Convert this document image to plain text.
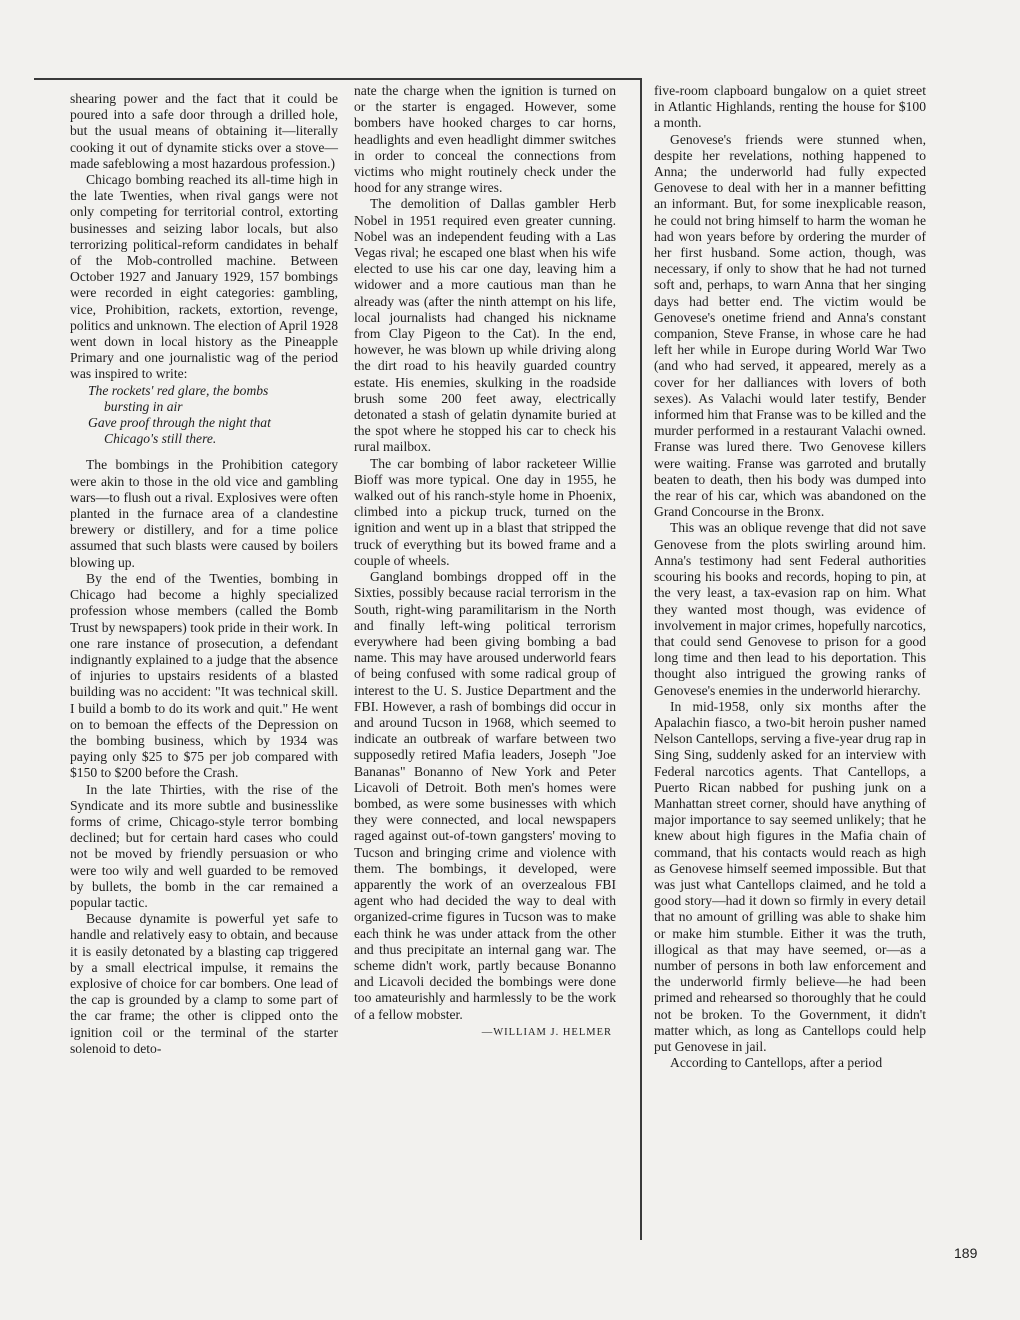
shearing power and the fact that it could be poured into a safe door through a drilled hole, but the usual means of obtaining it—literally cooking it out of dynamite sticks over a stove—made safeblowing a most hazardous profession.)

Chicago bombing reached its all-time high in the late Twenties, when rival gangs were not only competing for territorial control, extorting businesses and seizing labor locals, but also terrorizing political-reform candidates in behalf of the Mob-controlled machine. Between October 1927 and January 1929, 157 bombings were recorded in eight categories: gambling, vice, Prohibition, rackets, extortion, revenge, politics and unknown. The election of April 1928 went down in local history as the Pineapple Primary and one journalistic wag of the period was inspired to write:

The rockets' red glare, the bombs
bursting in air
Gave proof through the night that
Chicago's still there.

The bombings in the Prohibition category were akin to those in the old vice and gambling wars—to flush out a rival. Explosives were often planted in the furnace area of a clandestine brewery or distillery, and for a time police assumed that such blasts were caused by boilers blowing up.

By the end of the Twenties, bombing in Chicago had become a highly specialized profession whose members (called the Bomb Trust by newspapers) took pride in their work. In one rare instance of prosecution, a defendant indignantly explained to a judge that the absence of injuries to upstairs residents of a blasted building was no accident: "It was technical skill. I build a bomb to do its work and quit." He went on to bemoan the effects of the Depression on the bombing business, which by 1934 was paying only $25 to $75 per job compared with $150 to $200 before the Crash.

In the late Thirties, with the rise of the Syndicate and its more subtle and businesslike forms of crime, Chicago-style terror bombing declined; but for certain hard cases who could not be moved by friendly persuasion or who were too wily and well guarded to be removed by bullets, the bomb in the car remained a popular tactic.

Because dynamite is powerful yet safe to handle and relatively easy to obtain, and because it is easily detonated by a blasting cap triggered by a small electrical impulse, it remains the explosive of choice for car bombers. One lead of the cap is grounded by a clamp to some part of the car frame; the other is clipped onto the ignition coil or the terminal of the starter solenoid to deto-

nate the charge when the ignition is turned on or the starter is engaged. However, some bombers have hooked charges to car horns, headlights and even headlight dimmer switches in order to conceal the connections from victims who might routinely check under the hood for any strange wires.

The demolition of Dallas gambler Herb Nobel in 1951 required even greater cunning. Nobel was an independent feuding with a Las Vegas rival; he escaped one blast when his wife elected to use his car one day, leaving him a widower and a more cautious man than he already was (after the ninth attempt on his life, local journalists had changed his nickname from Clay Pigeon to the Cat). In the end, however, he was blown up while driving along the dirt road to his heavily guarded country estate. His enemies, skulking in the roadside brush some 200 feet away, electrically detonated a stash of gelatin dynamite buried at the spot where he stopped his car to check his rural mailbox.

The car bombing of labor racketeer Willie Bioff was more typical. One day in 1955, he walked out of his ranch-style home in Phoenix, climbed into a pickup truck, turned on the ignition and went up in a blast that stripped the truck of everything but its bowed frame and a couple of wheels.

Gangland bombings dropped off in the Sixties, possibly because racial terrorism in the South, right-wing paramilitarism in the North and finally left-wing political terrorism everywhere had been giving bombing a bad name. This may have aroused underworld fears of being confused with some radical group of interest to the U. S. Justice Department and the FBI. However, a rash of bombings did occur in and around Tucson in 1968, which seemed to indicate an outbreak of warfare between two supposedly retired Mafia leaders, Joseph "Joe Bananas" Bonanno of New York and Peter Licavoli of Detroit. Both men's homes were bombed, as were some businesses with which they were connected, and local newspapers raged against out-of-town gangsters' moving to Tucson and bringing crime and violence with them. The bombings, it developed, were apparently the work of an overzealous FBI agent who had decided the way to deal with organized-crime figures in Tucson was to make each think he was under attack from the other and thus precipitate an internal gang war. The scheme didn't work, partly because Bonanno and Licavoli decided the bombings were done too amateurishly and harmlessly to be the work of a fellow mobster.

—WILLIAM J. HELMER

five-room clapboard bungalow on a quiet street in Atlantic Highlands, renting the house for $100 a month.

Genovese's friends were stunned when, despite her revelations, nothing happened to Anna; the underworld had fully expected Genovese to deal with her in a manner befitting an informant. But, for some inexplicable reason, he could not bring himself to harm the woman he had won years before by ordering the murder of her first husband. Some action, though, was necessary, if only to show that he had not turned soft and, perhaps, to warn Anna that her singing days had better end. The victim would be Genovese's onetime friend and Anna's constant companion, Steve Franse, in whose care he had left her while in Europe during World War Two (and who had served, it appeared, merely as a cover for her dalliances with lovers of both sexes). As Valachi would later testify, Bender informed him that Franse was to be killed and the murder performed in a restaurant Valachi owned. Franse was lured there. Two Genovese killers were waiting. Franse was garroted and brutally beaten to death, then his body was dumped into the rear of his car, which was abandoned on the Grand Concourse in the Bronx.

This was an oblique revenge that did not save Genovese from the plots swirling around him. Anna's testimony had sent Federal authorities scouring his books and records, hoping to pin, at the very least, a tax-evasion rap on him. What they wanted most though, was evidence of involvement in major crimes, hopefully narcotics, that could send Genovese to prison for a good long time and then lead to his deportation. This thought also intrigued the growing ranks of Genovese's enemies in the underworld hierarchy.

In mid-1958, only six months after the Apalachin fiasco, a two-bit heroin pusher named Nelson Cantellops, serving a five-year drug rap in Sing Sing, suddenly asked for an interview with Federal narcotics agents. That Cantellops, a Puerto Rican nabbed for pushing junk on a Manhattan street corner, should have anything of major importance to say seemed unlikely; that he knew about high figures in the Mafia chain of command, that his contacts would reach as high as Genovese himself seemed impossible. But that was just what Cantellops claimed, and he told a good story—had it down so firmly in every detail that no amount of grilling was able to shake him or make him stumble. Either it was the truth, illogical as that may have seemed, or—as a number of persons in both law enforcement and the underworld firmly believe—he had been primed and rehearsed so thoroughly that he could not be broken. To the Government, it didn't matter which, as long as Cantellops could help put Genovese in jail.

According to Cantellops, after a period

189
